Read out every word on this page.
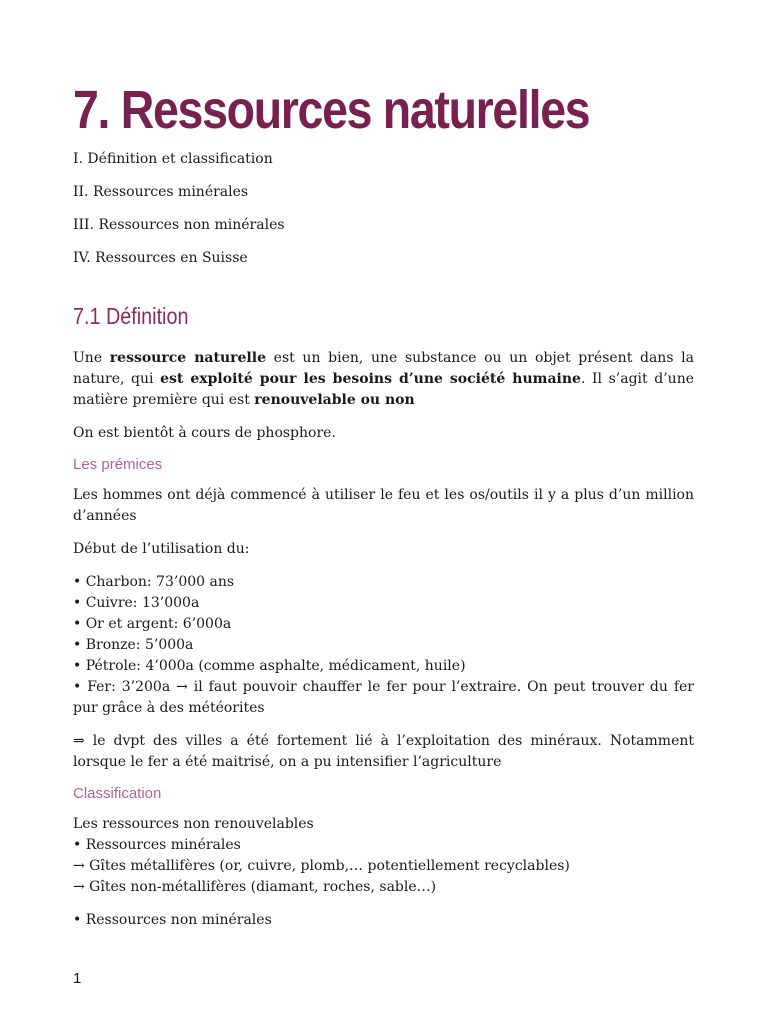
7. Ressources naturelles
I. Définition et classification
II. Ressources minérales
III. Ressources non minérales
IV. Ressources en Suisse
7.1 Définition

Une ressource naturelle est un bien, une substance ou un objet présent dans la nature, qui est exploité pour les besoins d’une société humaine. Il s’agit d’une matière première qui est renouvelable ou non

On est bientôt à cours de phosphore.

Les prémices

Les hommes ont déjà commencé à utiliser le feu et les os/outils il y a plus d’un million d’années

Début de l’utilisation du:

• Charbon: 73’000 ans
• Cuivre: 13’000a
• Or et argent: 6’000a
• Bronze: 5’000a
• Pétrole: 4’000a (comme asphalte, médicament, huile)
• Fer: 3’200a → il faut pouvoir chauffer le fer pour l’extraire. On peut trouver du fer pur grâce à des météorites

⇒ le dvpt des villes a été fortement lié à l’exploitation des minéraux. Notamment lorsque le fer a été maitrisé, on a pu intensifier l’agriculture

Classification
Les ressources non renouvelables
• Ressources minérales
→ Gîtes métallifères (or, cuivre, plomb,… potentiellement recyclables)
→ Gîtes non-métallifères (diamant, roches, sable…)
• Ressources non minérales
1
